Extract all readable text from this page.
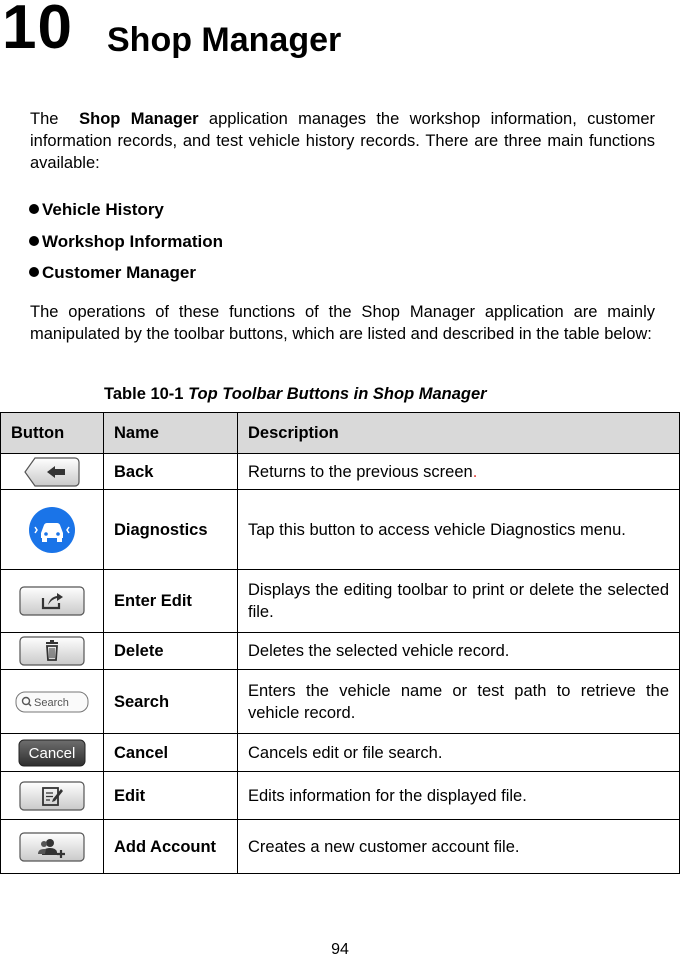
10 Shop Manager
The Shop Manager application manages the workshop information, customer information records, and test vehicle history records. There are three main functions available:
Vehicle History
Workshop Information
Customer Manager
The operations of these functions of the Shop Manager application are mainly manipulated by the toolbar buttons, which are listed and described in the table below:
Table 10-1 Top Toolbar Buttons in Shop Manager
Button	Name	Description
	Back	Returns to the previous screen.
	Diagnostics	Tap this button to access vehicle Diagnostics menu.
	Enter Edit	Displays the editing toolbar to print or delete the selected file.
	Delete	Deletes the selected vehicle record.

Search	Search	Enters the vehicle name or test path to retrieve the vehicle record.

Cancel	Cancel	Cancels edit or file search.
	Edit	Edits information for the displayed file.
	Add Account	Creates a new customer account file.
94
